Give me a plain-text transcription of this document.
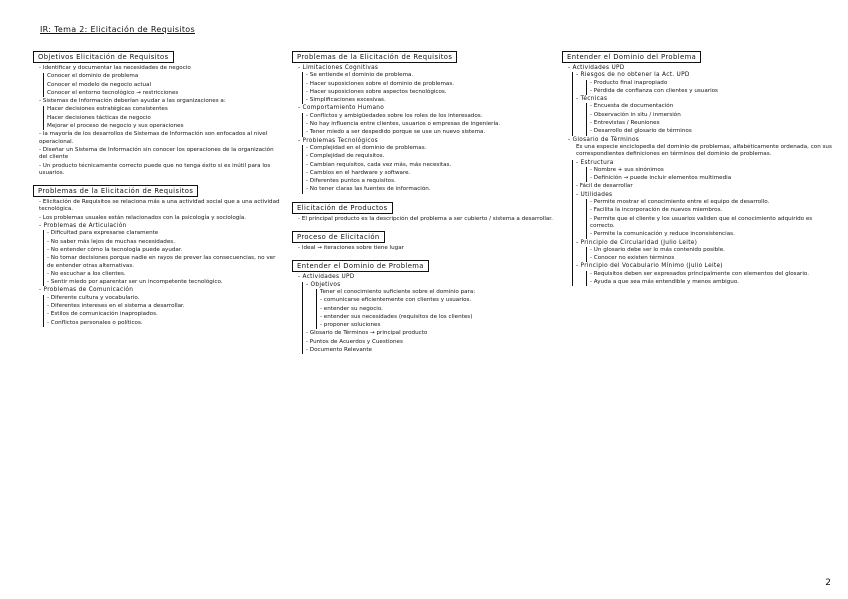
IR: Tema 2: Elicitación de Requisitos
Objetivos Elicitación de Requisitos
- Identificar y documentar las necesidades de negocio
Conocer el dominio de problema
Conocer el modelo de negocio actual
Conocer el entorno tecnológico → restricciones
- Sistemas de Información deberían ayudar a las organizaciones a:
Hacer decisiones estratégicas consistentes
Hacer decisiones tácticas de negocio
Mejorar el proceso de negocio y sus operaciones
- la mayoría de los desarrollos de Sistemas de Información son enfocados al nivel operacional.
- Diseñar un Sistema de Información sin conocer los operaciones de la organización del cliente
- Un producto técnicamente correcto puede que no tenga éxito si es inútil para los usuarios.
Problemas de la Elicitación de Requisitos
- Elicitación de Requisitos se relaciona más a una actividad social que a una actividad tecnológica.
- Los problemas usuales están relacionados con la psicología y sociología.
- Problemas de Articulación
- Dificultad para expresarse claramente
- No saber más lejos de muchas necesidades.
- No entender cómo la tecnología puede ayudar.
- No tomar decisiones porque nadie en rayos de prever las consecuencias, no ver de entender otras alternativas.
- No escuchar a los clientes.
- Sentir miedo por aparentar ser un incompetente tecnológico.
- Problemas de Comunicación
- Diferente cultura y vocabulario.
- Diferentes intereses en el sistema a desarrollar.
- Estilos de comunicación inapropiados.
- Conflictos personales o políticos.
Problemas de la Elicitación de Requisitos
- Limitaciones Cognitivas
- Se entiende el dominio de problema.
- Hacer suposiciones sobre el dominio de problemas.
- Hacer suposiciones sobre aspectos tecnológicos.
- Simplificaciones excesivas.
- Comportamiento Humano
- Conflictos y ambigüedades sobre los roles de los interesados.
- No hay influencia entre clientes, usuarios o empresas de ingeniería.
- Tener miedo a ser despedido porque se use un nuevo sistema.
- Problemas Tecnológicos
- Complejidad en el dominio de problemas.
- Complejidad de requisitos.
- Cambian requisitos, cada vez más, más necesitas.
- Cambios en el hardware y software.
- Diferentes puntos a requisitos.
- No tener claras las fuentes de información.
Elicitación de Productos
- El principal producto es la descripción del problema a ser cubierto / sistema a desarrollar.
Proceso de Elicitación
- Ideal → iteraciones sobre tiene lugar
Entender el Dominio de Problema
- Actividades UPD
- Objetivos
Tener el conocimiento suficiente sobre el dominio para:
- comunicarse eficientemente con clientes y usuarios.
- entender su negocio.
- entender sus necesidades (requisitos de los clientes)
- proponer soluciones
- Glosario de Términos → principal producto
- Puntos de Acuerdos y Cuestiones
- Documento Relevante
Entender el Dominio del Problema
- Actividades UPD
- Riesgos de no obtener la Act. UPD
- Producto final inapropiado
- Pérdida de confianza con clientes y usuarios
- Técnicas
- Encuesta de documentación
- Observación in situ / inmersión
- Entrevistas / Reuniones
- Desarrollo del glosario de términos
- Glosario de Términos
Es una especie enciclopedia del dominio de problemas, alfabéticamente ordenada, con sus correspondientes definiciones en términos del dominio de problemas.
- Estructura
- Nombre + sus sinónimos
- Definición → puede incluir elementos multimedia
- Fácil de desarrollar
- Utilidades
- Permite mostrar el conocimiento entre el equipo de desarrollo.
- Facilita la incorporación de nuevos miembros.
- Permite que el cliente y los usuarios validen que el conocimiento adquirido es correcto.
- Permite la comunicación y reduce inconsistencias.
- Principio de Circularidad (Julio Leite)
- Un glosario debe ser lo más contenido posible.
- Conocer no existen términos
- Principio del Vocabulario Mínimo (Julio Leite)
- Requisitos deben ser expresados principalmente con elementos del glosario.
- Ayuda a que sea más entendible y menos ambiguo.
2
